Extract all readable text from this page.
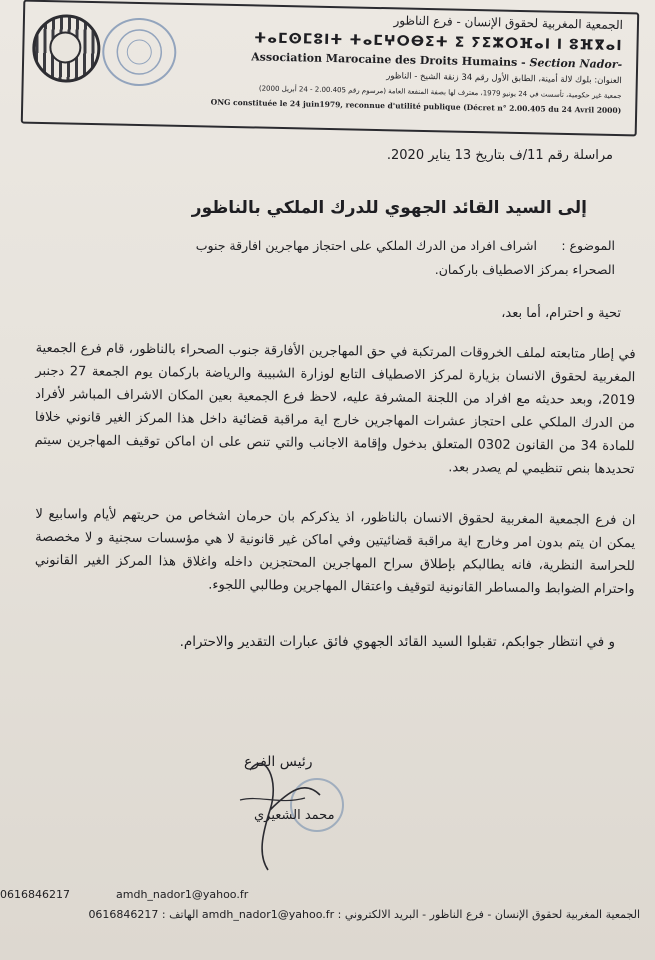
الجمعية المغربية لحقوق الإنسان - فرع الناظور
ⵜⴰⵎⵙⵎⵓⵏⵜ ⵜⴰⵎⵖⵔⴱⵉⵜ ⵉ ⵢⵉⵣⵔⴼⴰⵏ ⵏ ⵓⴼⴳⴰⵏ
Association Marocaine des Droits Humains - Section Nador-
العنوان: بلوك لالة أمينة، الطابق الأول رقم 34 زنقة الشيخ - الناظور
جمعية غير حكومية، تأسست في 24 يونيو 1979، معترف لها بصفة المنفعة العامة (مرسوم رقم 2.00.405 - 24 أبريل 2000)
ONG constituée le 24 juin1979, reconnue d'utilité publique (Décret n° 2.00.405 du 24 Avril 2000)
مراسلة رقم 11/ف بتاريخ 13 يناير 2020.
إلى السيد القائد الجهوي للدرك الملكي بالناظور
الموضوع :
اشراف افراد من الدرك الملكي على احتجاز مهاجرين افارقة جنوب
الصحراء بمركز الاصطياف باركمان.
تحية و احترام، أما بعد،
في إطار متابعته لملف الخروقات المرتكبة في حق المهاجرين الأفارقة جنوب الصحراء بالناظور، قام فرع الجمعية المغربية لحقوق الانسان بزيارة لمركز الاصطياف التابع لوزارة الشبيبة والرياضة باركمان يوم الجمعة 27 دجنبر 2019، وبعد حديثه مع افراد من اللجنة المشرفة عليه، لاحظ فرع الجمعية بعين المكان الاشراف المباشر لأفراد من الدرك الملكي على احتجاز عشرات المهاجرين خارج اية مراقبة قضائية داخل هذا المركز الغير قانوني خلافا للمادة 34 من القانون 0302 المتعلق بدخول وإقامة الاجانب والتي تنص على ان اماكن توقيف المهاجرين سيتم تحديدها بنص تنظيمي لم يصدر بعد.
ان فرع الجمعية المغربية لحقوق الانسان بالناظور، اذ يذكركم بان حرمان اشخاص من حريتهم لأيام واسابيع لا يمكن ان يتم بدون امر وخارج اية مراقبة قضائيتين وفي اماكن غير قانونية لا هي مؤسسات سجنية و لا مخصصة للحراسة النظرية، فانه يطالبكم بإطلاق سراح المهاجرين المحتجزين داخله واغلاق هذا المركز الغير القانوني واحترام الضوابط والمساطر القانونية لتوقيف واعتقال المهاجرين وطالبي اللجوء.
و في انتظار جوابكم، تقبلوا السيد القائد الجهوي فائق عبارات التقدير والاحترام.
رئيس الفرع
محمد الشعيري
0616846217	amdh_nador1@yahoo.fr
الجمعية المغربية لحقوق الإنسان - فرع الناظور - البريد الالكتروني : amdh_nador1@yahoo.fr الهاتف : 0616846217
